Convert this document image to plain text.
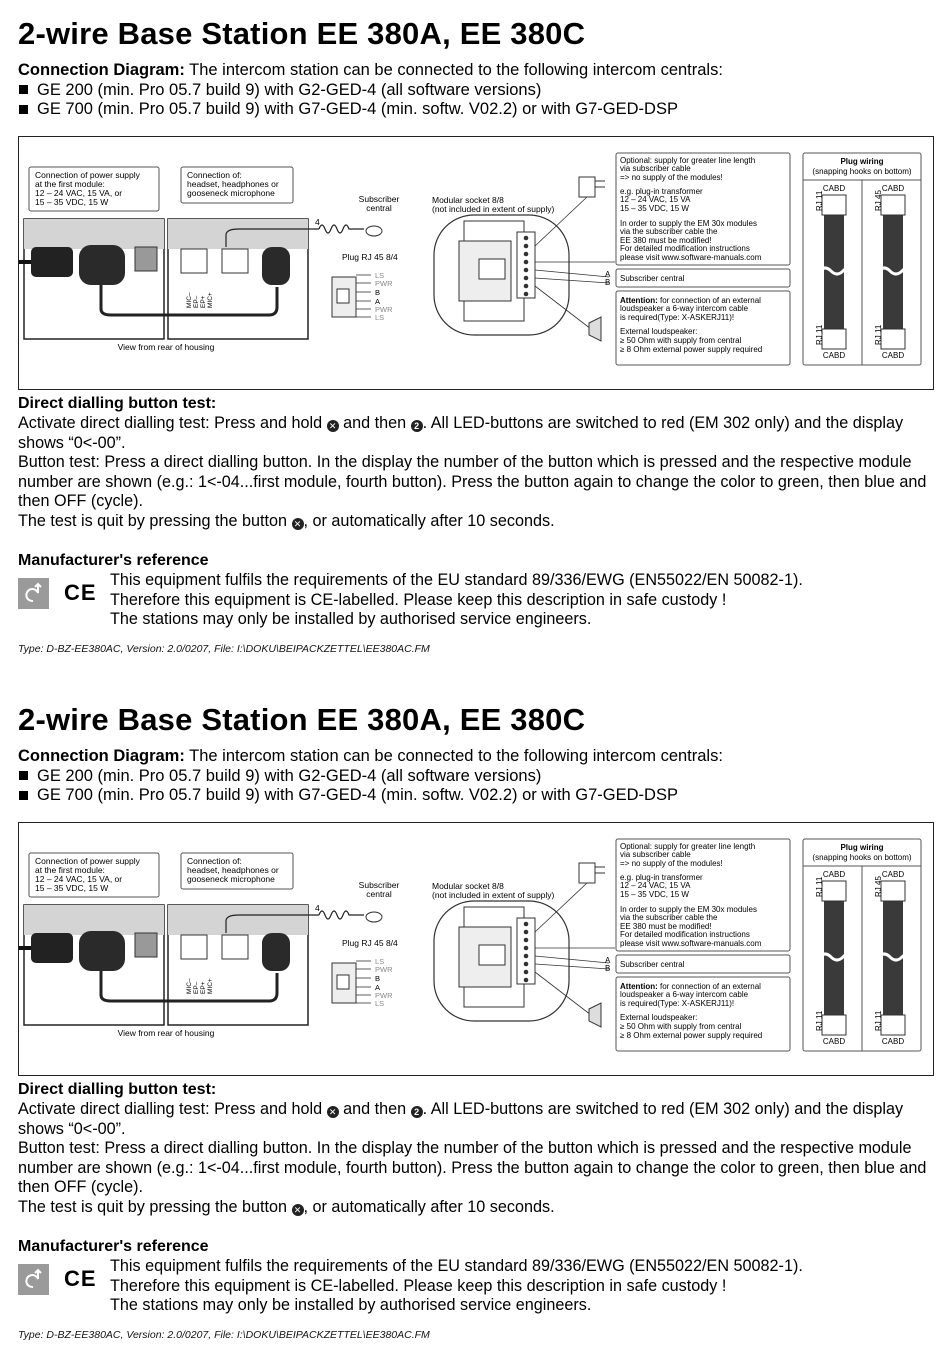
2-wire Base Station EE 380A, EE 380C
Connection Diagram: The intercom station can be connected to the following intercom centrals:
GE 200 (min. Pro 05.7 build 9) with G2-GED-4 (all software versions)
GE 700 (min. Pro 05.7 build 9) with G7-GED-4 (min. softw. V02.2) or with G7-GED-DSP
Connection of power supply
at the first module:
12 – 24 VAC, 15 VA, or
15 – 35 VDC, 15 W
Connection of:
headset, headphones or
gooseneck microphone
Subscriber
central
4
Plug RJ 45 8/4
Modular socket 8/8
(not included in extent of supply)
View from rear of housing
LS
PWR
B
A
PWR
LS
MIC– EP– EP+ MIC+
A
B
Optional: supply for greater line length
via subscriber cable
=> no supply of the modules!
e.g. plug-in transformer
12 – 24 VAC, 15 VA
15 – 35 VDC, 15 W
In order to supply the EM 30x modules
via the subscriber cable the
EE 380 must be modified!
For detailed modification instructions
please visit www.software-manuals.com
Subscriber central
Attention: for connection of an external
loudspeaker a 6-way intercom cable
is required(Type: X-ASKERJ11)!
External loudspeaker:
≥ 50 Ohm with supply from central
≥ 8 Ohm external power supply required
Plug wiring
(snapping hooks on bottom)
CABD	CABD
CABD	CABD
RJ 11	RJ 45
RJ 11	RJ 11
Direct dialling button test:

Activate direct dialling test: Press and hold ✕ and then 2 . All LED-buttons are switched to red (EM 302 only) and the display shows “0<-00”.

Button test: Press a direct dialling button. In the display the number of the button which is pressed and the respective module number are shown (e.g.: 1<-04...first module, fourth button). Press the button again to change the color to green, then blue and then OFF (cycle).

The test is quit by pressing the button ✕ , or automatically after 10 seconds.

Manufacturer's reference
CE This equipment fulfils the requirements of the EU standard 89/336/EWG (EN55022/EN 50082-1).

Therefore this equipment is CE-labelled. Please keep this description in safe custody !

The stations may only be installed by authorised service engineers.

Type: D-BZ-EE380AC, Version: 2.0/0207, File: I:\DOKU\BEIPACKZETTEL\EE380AC.FM
2-wire Base Station EE 380A, EE 380C
Connection Diagram: The intercom station can be connected to the following intercom centrals:
GE 200 (min. Pro 05.7 build 9) with G2-GED-4 (all software versions)
GE 700 (min. Pro 05.7 build 9) with G7-GED-4 (min. softw. V02.2) or with G7-GED-DSP
Connection of power supply
at the first module:
12 – 24 VAC, 15 VA, or
15 – 35 VDC, 15 W
Connection of:
headset, headphones or
gooseneck microphone
Subscriber
central
4
Plug RJ 45 8/4
Modular socket 8/8
(not included in extent of supply)
View from rear of housing
LS
PWR
B
A
PWR
LS
MIC– EP– EP+ MIC+
A
B
Optional: supply for greater line length
via subscriber cable
=> no supply of the modules!
e.g. plug-in transformer
12 – 24 VAC, 15 VA
15 – 35 VDC, 15 W
In order to supply the EM 30x modules
via the subscriber cable the
EE 380 must be modified!
For detailed modification instructions
please visit www.software-manuals.com
Subscriber central
Attention: for connection of an external
loudspeaker a 6-way intercom cable
is required(Type: X-ASKERJ11)!
External loudspeaker:
≥ 50 Ohm with supply from central
≥ 8 Ohm external power supply required
Plug wiring
(snapping hooks on bottom)
CABD	CABD
CABD	CABD
RJ 11	RJ 45
RJ 11	RJ 11
Direct dialling button test:

Activate direct dialling test: Press and hold ✕ and then 2 . All LED-buttons are switched to red (EM 302 only) and the display shows “0<-00”.

Button test: Press a direct dialling button. In the display the number of the button which is pressed and the respective module number are shown (e.g.: 1<-04...first module, fourth button). Press the button again to change the color to green, then blue and then OFF (cycle).

The test is quit by pressing the button ✕ , or automatically after 10 seconds.

Manufacturer's reference
CE This equipment fulfils the requirements of the EU standard 89/336/EWG (EN55022/EN 50082-1).

Therefore this equipment is CE-labelled. Please keep this description in safe custody !

The stations may only be installed by authorised service engineers.

Type: D-BZ-EE380AC, Version: 2.0/0207, File: I:\DOKU\BEIPACKZETTEL\EE380AC.FM
